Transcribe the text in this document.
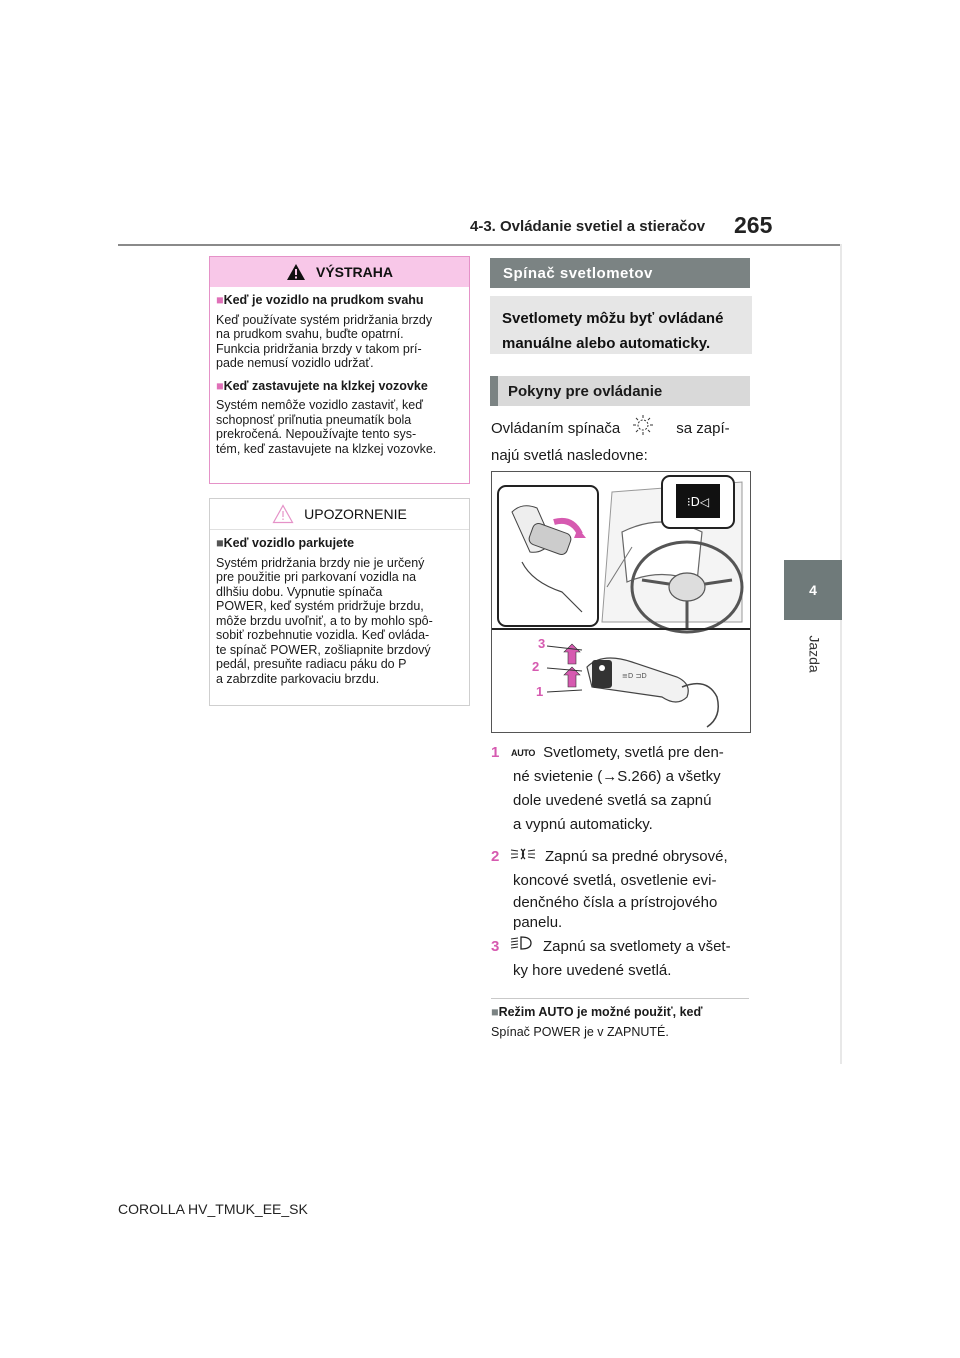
4-3. Ovládanie svetiel a stieračov 265
4
Jazda
VÝSTRAHA
■Keď je vozidlo na prudkom svahu
Keď používate systém pridržania brzdy
na prudkom svahu, buďte opatrní.
Funkcia pridržania brzdy v takom prí-
pade nemusí vozidlo udržať.
■Keď zastavujete na klzkej vozovke
Systém nemôže vozidlo zastaviť, keď
schopnosť priľnutia pneumatík bola
prekročená. Nepoužívajte tento sys-
tém, keď zastavujete na klzkej vozovke.
UPOZORNENIE
■Keď vozidlo parkujete
Systém pridržania brzdy nie je určený
pre použitie pri parkovaní vozidla na
dlhšiu dobu. Vypnutie spínača
POWER, keď systém pridržuje brzdu,
môže brzdu uvoľniť, a to by mohlo spô-
sobiť rozbehnutie vozidla. Keď ovláda-
te spínač POWER, zošliapnite brzdový
pedál, presuňte radiacu páku do P
a zabrzdite parkovaciu brzdu.
Spínač svetlometov
Svetlomety môžu byť ovládané
manuálne alebo automaticky.
Pokyny pre ovládanie
Ovládaním spínača	sa zapí-
najú svetlá nasledovne:
⁝D◁
≡D ⊐D
3
2
1
1 AUTO Svetlomety, svetlá pre den-
né svietenie (→S.266) a všetky
dole uvedené svetlá sa zapnú
a vypnú automaticky.
2	Zapnú sa predné obrysové,
koncové svetlá, osvetlenie evi-
denčného čísla a prístrojového
panelu.
3	Zapnú sa svetlomety a všet-
ky hore uvedené svetlá.
■Režim AUTO je možné použiť, keď
Spínač POWER je v ZAPNUTÉ.
COROLLA HV_TMUK_EE_SK
